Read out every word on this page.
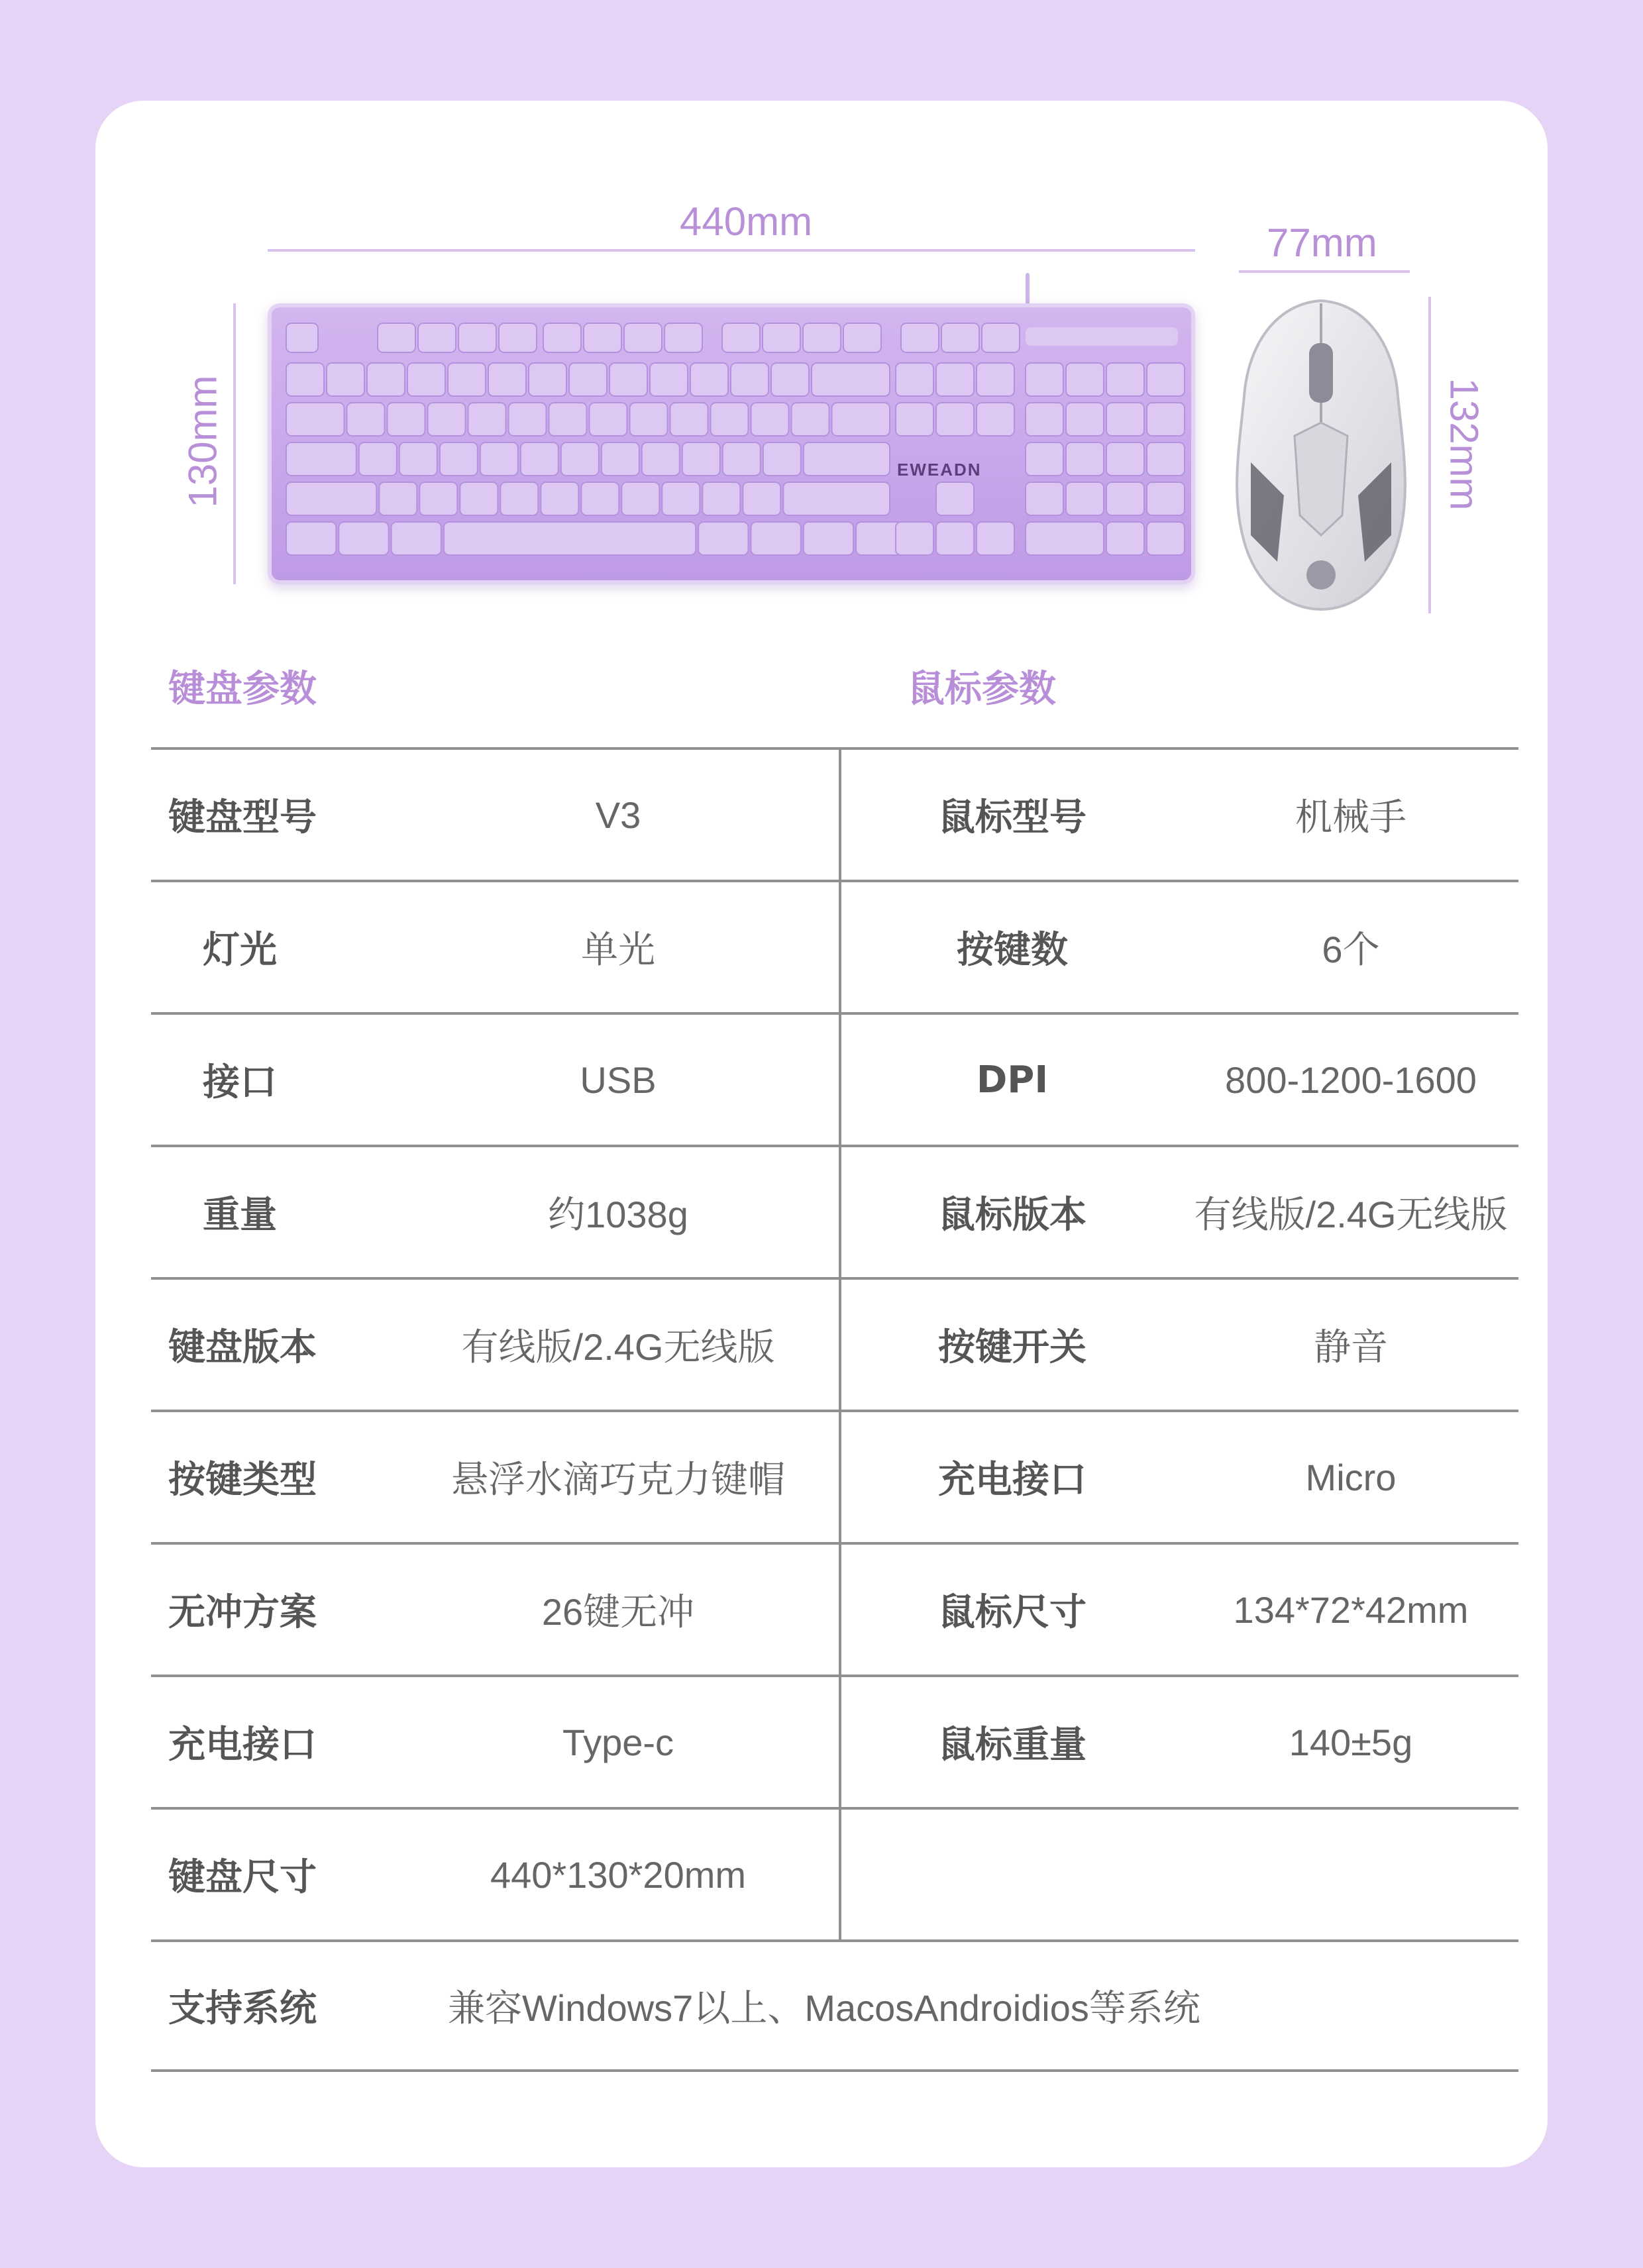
440mm
130mm
77mm
132mm
EWEADN
键盘参数	鼠标参数
键盘型号	V3	鼠标型号	机械手
灯光	单光	按键数	6个
接口	USB	DPI	800-1200-1600
重量	约1038g	鼠标版本	有线版/2.4G无线版
键盘版本	有线版/2.4G无线版	按键开关	静音
按键类型	悬浮水滴巧克力键帽	充电接口	Micro
无冲方案	26键无冲	鼠标尺寸	134*72*42mm
充电接口	Type-c	鼠标重量	140±5g
键盘尺寸	440*130*20mm
支持系统	兼容Windows7以上、MacosAndroidios等系统
